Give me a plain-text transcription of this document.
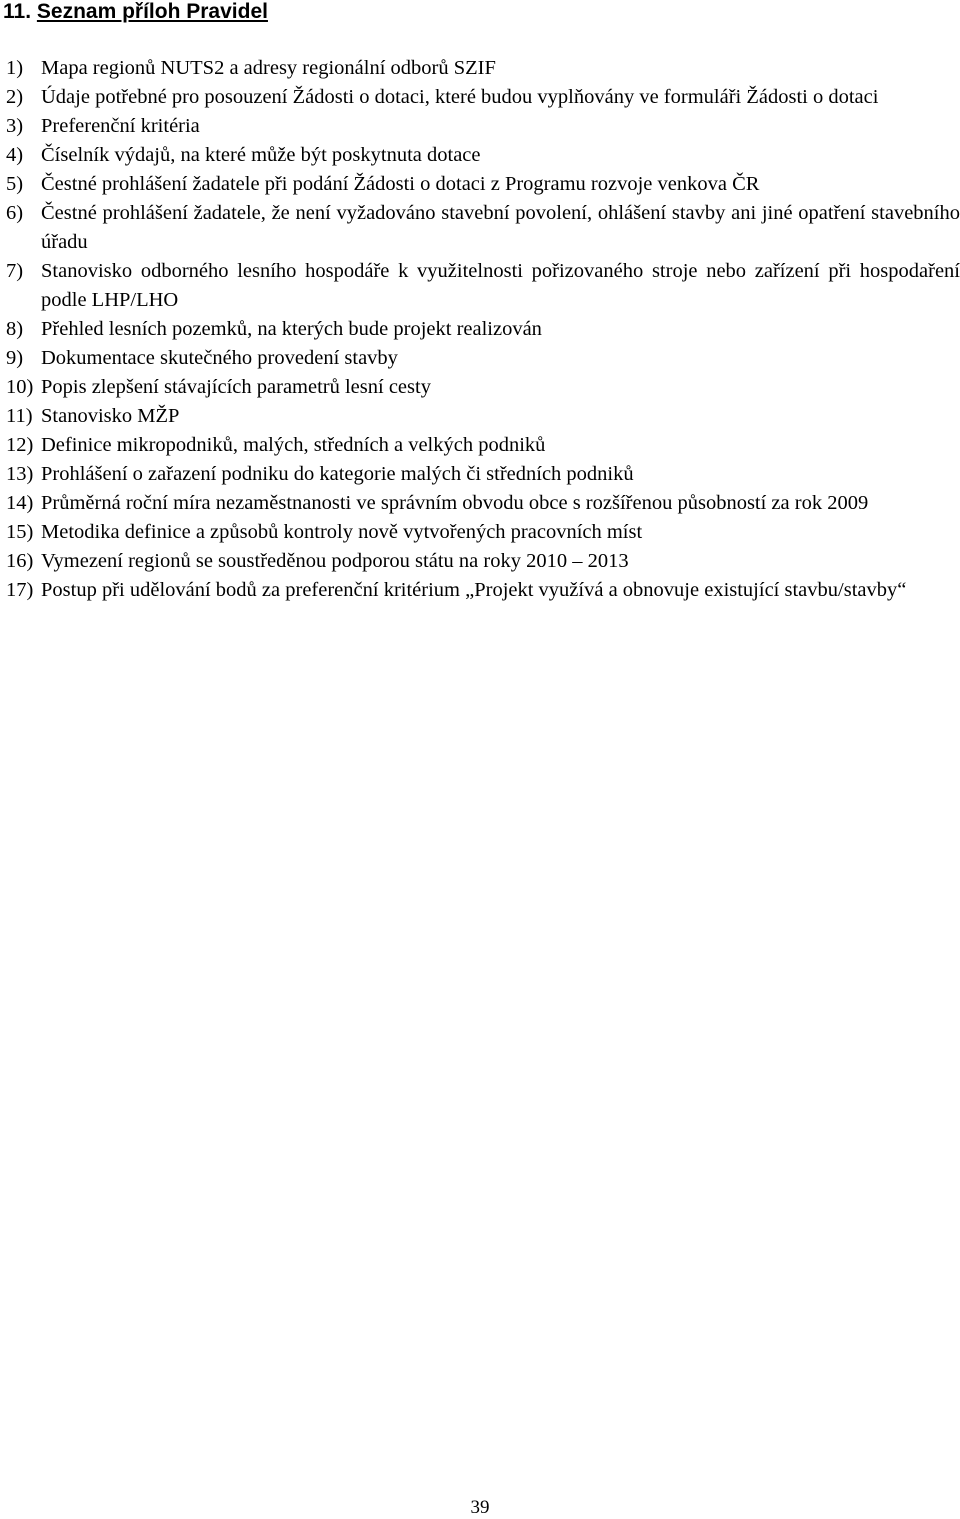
11. Seznam příloh Pravidel
1) Mapa regionů NUTS2 a adresy regionální odborů SZIF
2) Údaje potřebné pro posouzení Žádosti o dotaci, které budou vyplňovány ve formuláři Žádosti o dotaci
3) Preferenční kritéria
4) Číselník výdajů, na které může být poskytnuta dotace
5) Čestné prohlášení žadatele při podání Žádosti o dotaci z Programu rozvoje venkova ČR
6) Čestné prohlášení žadatele, že není vyžadováno stavební povolení, ohlášení stavby ani jiné opatření stavebního úřadu
7) Stanovisko odborného lesního hospodáře k využitelnosti pořizovaného stroje nebo zařízení při hospodaření podle LHP/LHO
8) Přehled lesních pozemků, na kterých bude projekt realizován
9) Dokumentace skutečného provedení stavby
10) Popis zlepšení stávajících parametrů lesní cesty
11) Stanovisko MŽP
12) Definice mikropodniků, malých, středních a velkých podniků
13) Prohlášení o zařazení podniku do kategorie malých či středních podniků
14) Průměrná roční míra nezaměstnanosti ve správním obvodu obce s rozšířenou působností za rok 2009
15) Metodika definice a způsobů kontroly nově vytvořených pracovních míst
16) Vymezení regionů se soustředěnou podporou státu na roky 2010 – 2013
17) Postup při udělování bodů za preferenční kritérium „Projekt využívá a obnovuje existující stavbu/stavby“
39
